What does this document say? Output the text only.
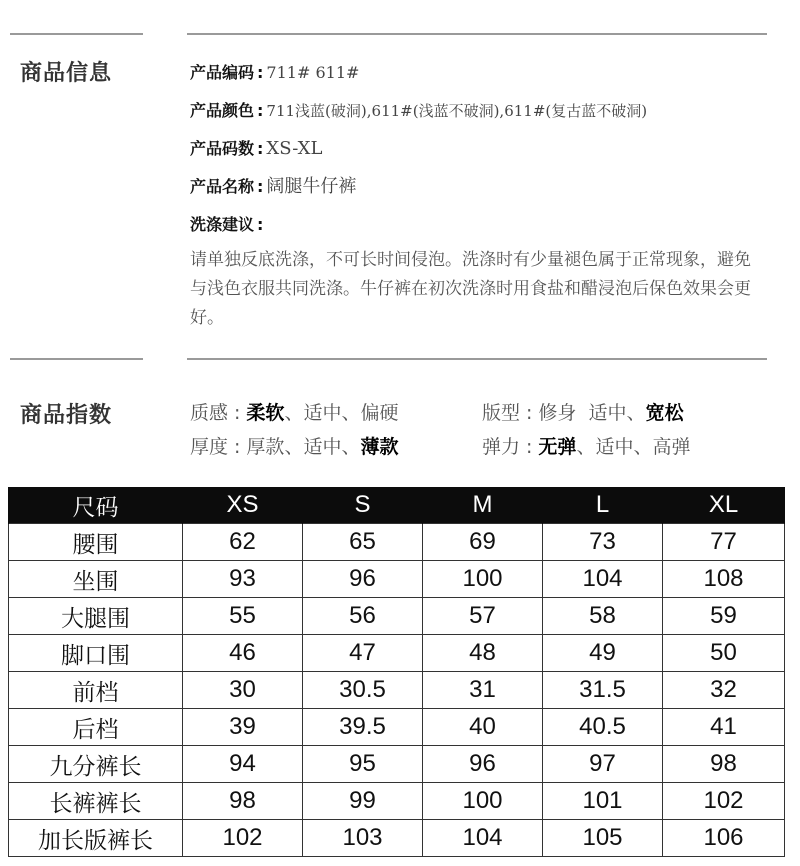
商品信息
商品指数
产品编码 : 711# 611#
产品颜色 : 711浅蓝(破洞),611#(浅蓝不破洞),611#(复古蓝不破洞)
产品码数 : XS-XL
产品名称 : 阔腿牛仔裤
洗涤建议 :
请单独反底洗涤，不可长时间侵泡。洗涤时有少量褪色属于正常现象，避免与浅色衣服共同洗涤。牛仔裤在初次洗涤时用食盐和醋浸泡后保色效果会更好。
质感 : 柔软、适中、偏硬	版型 : 修身 适中、宽松
厚度 : 厚款、适中、薄款	弹力 : 无弹、适中、高弹
尺码	XS	S	M	L	XL
腰围	62	65	69	73	77
坐围	93	96	100	104	108
大腿围	55	56	57	58	59
脚口围	46	47	48	49	50
前档	30	30.5	31	31.5	32
后档	39	39.5	40	40.5	41
九分裤长	94	95	96	97	98
长裤裤长	98	99	100	101	102
加长版裤长	102	103	104	105	106
